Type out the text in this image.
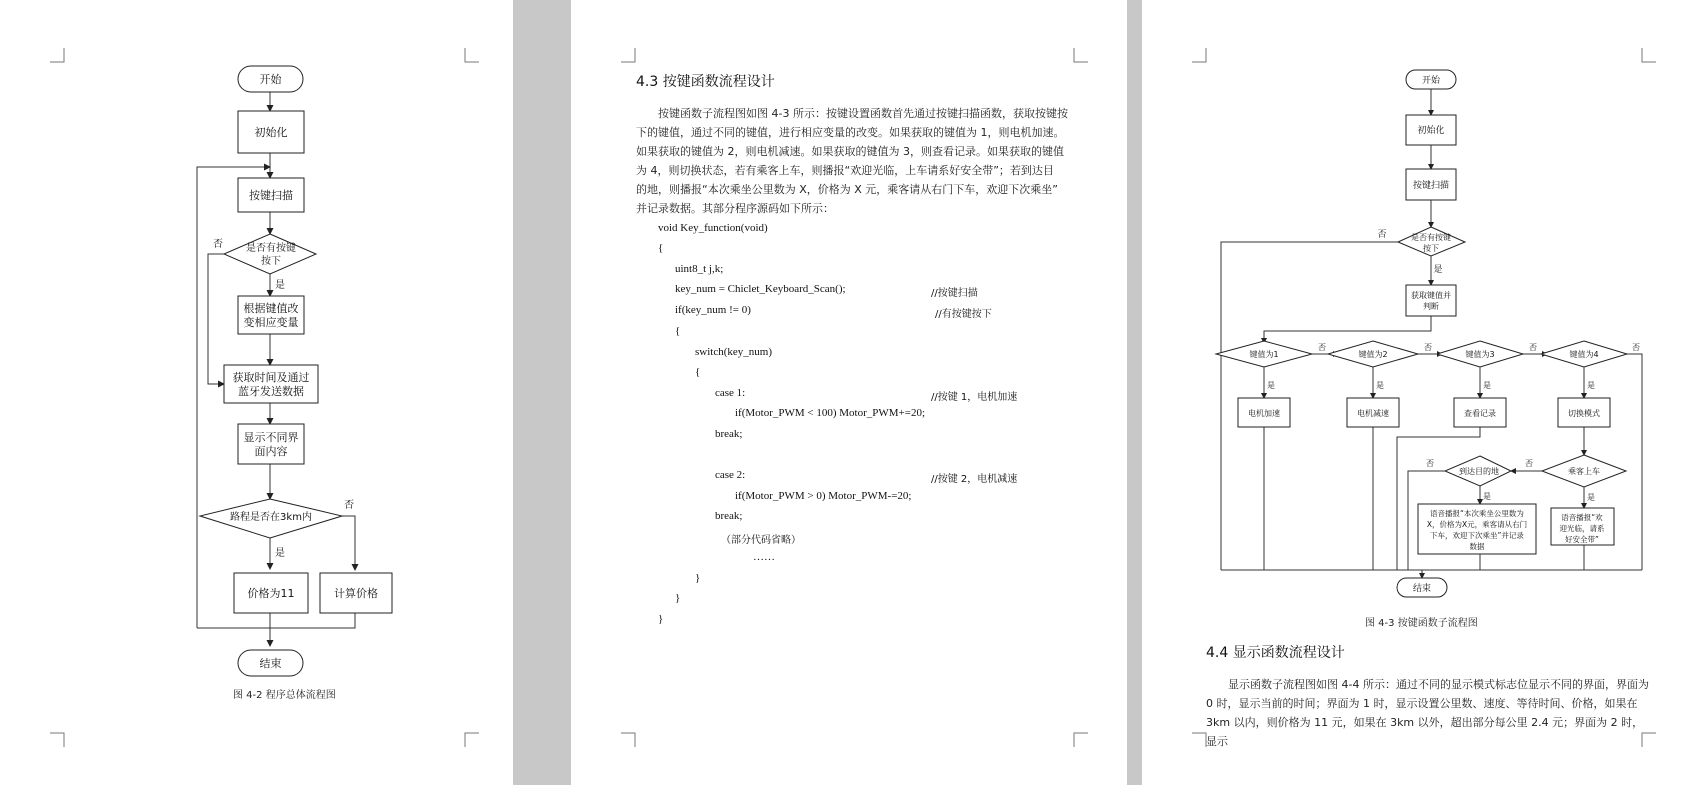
开始
初始化
按键扫描
是否有按键
按下
否
是
根据键值改
变相应变量
获取时间及通过
蓝牙发送数据
显示不同界
面内容
路程是否在3km内
否
是
价格为11	计算价格
结束
图 4-2 程序总体流程图
4.3 按键函数流程设计

按键函数子流程图如图 4-3 所示：按键设置函数首先通过按键扫描函数，获取按键按

下的键值，通过不同的键值，进行相应变量的改变。如果获取的键值为 1，则电机加速。

如果获取的键值为 2，则电机减速。如果获取的键值为 3，则查看记录。如果获取的键值

为 4，则切换状态，若有乘客上车，则播报“欢迎光临，上车请系好安全带”；若到达目

的地，则播报“本次乘坐公里数为 X，价格为 X 元，乘客请从右门下车，欢迎下次乘坐”

并记录数据。其部分程序源码如下所示：

void Key_function(void)
{
uint8_t j,k;
key_num = Chiclet_Keyboard_Scan();	//按键扫描
if(key_num != 0)	//有按键按下
{
switch(key_num)
{
case 1:	//按键 1，电机加速
if(Motor_PWM < 100) Motor_PWM+=20;
break;
case 2:	//按键 2，电机减速
if(Motor_PWM > 0) Motor_PWM-=20;
break;
（部分代码省略）
……
}
}
}
开始
初始化
按键扫描
是否有按键
按下
否
是
获取键值并
判断
键值为1	键值为2	键值为3	键值为4
否	否	否	否
是	是	是	是
电机加速	电机减速	查看记录	切换模式
到达目的地
否
是
乘客上车
否
是
语音播报“本次乘坐公里数为
X，价格为X元，乘客请从右门
下车，欢迎下次乘坐”并记录
数据
语音播报“欢
迎光临，请系
好安全带”
结束
图 4-3 按键函数子流程图
4.4 显示函数流程设计

显示函数子流程图如图 4-4 所示：通过不同的显示模式标志位显示不同的界面，界面为

0 时，显示当前的时间；界面为 1 时，显示设置公里数、速度、等待时间、价格，如果在

3km 以内，则价格为 11 元，如果在 3km 以外，超出部分每公里 2.4 元；界面为 2 时，显示
